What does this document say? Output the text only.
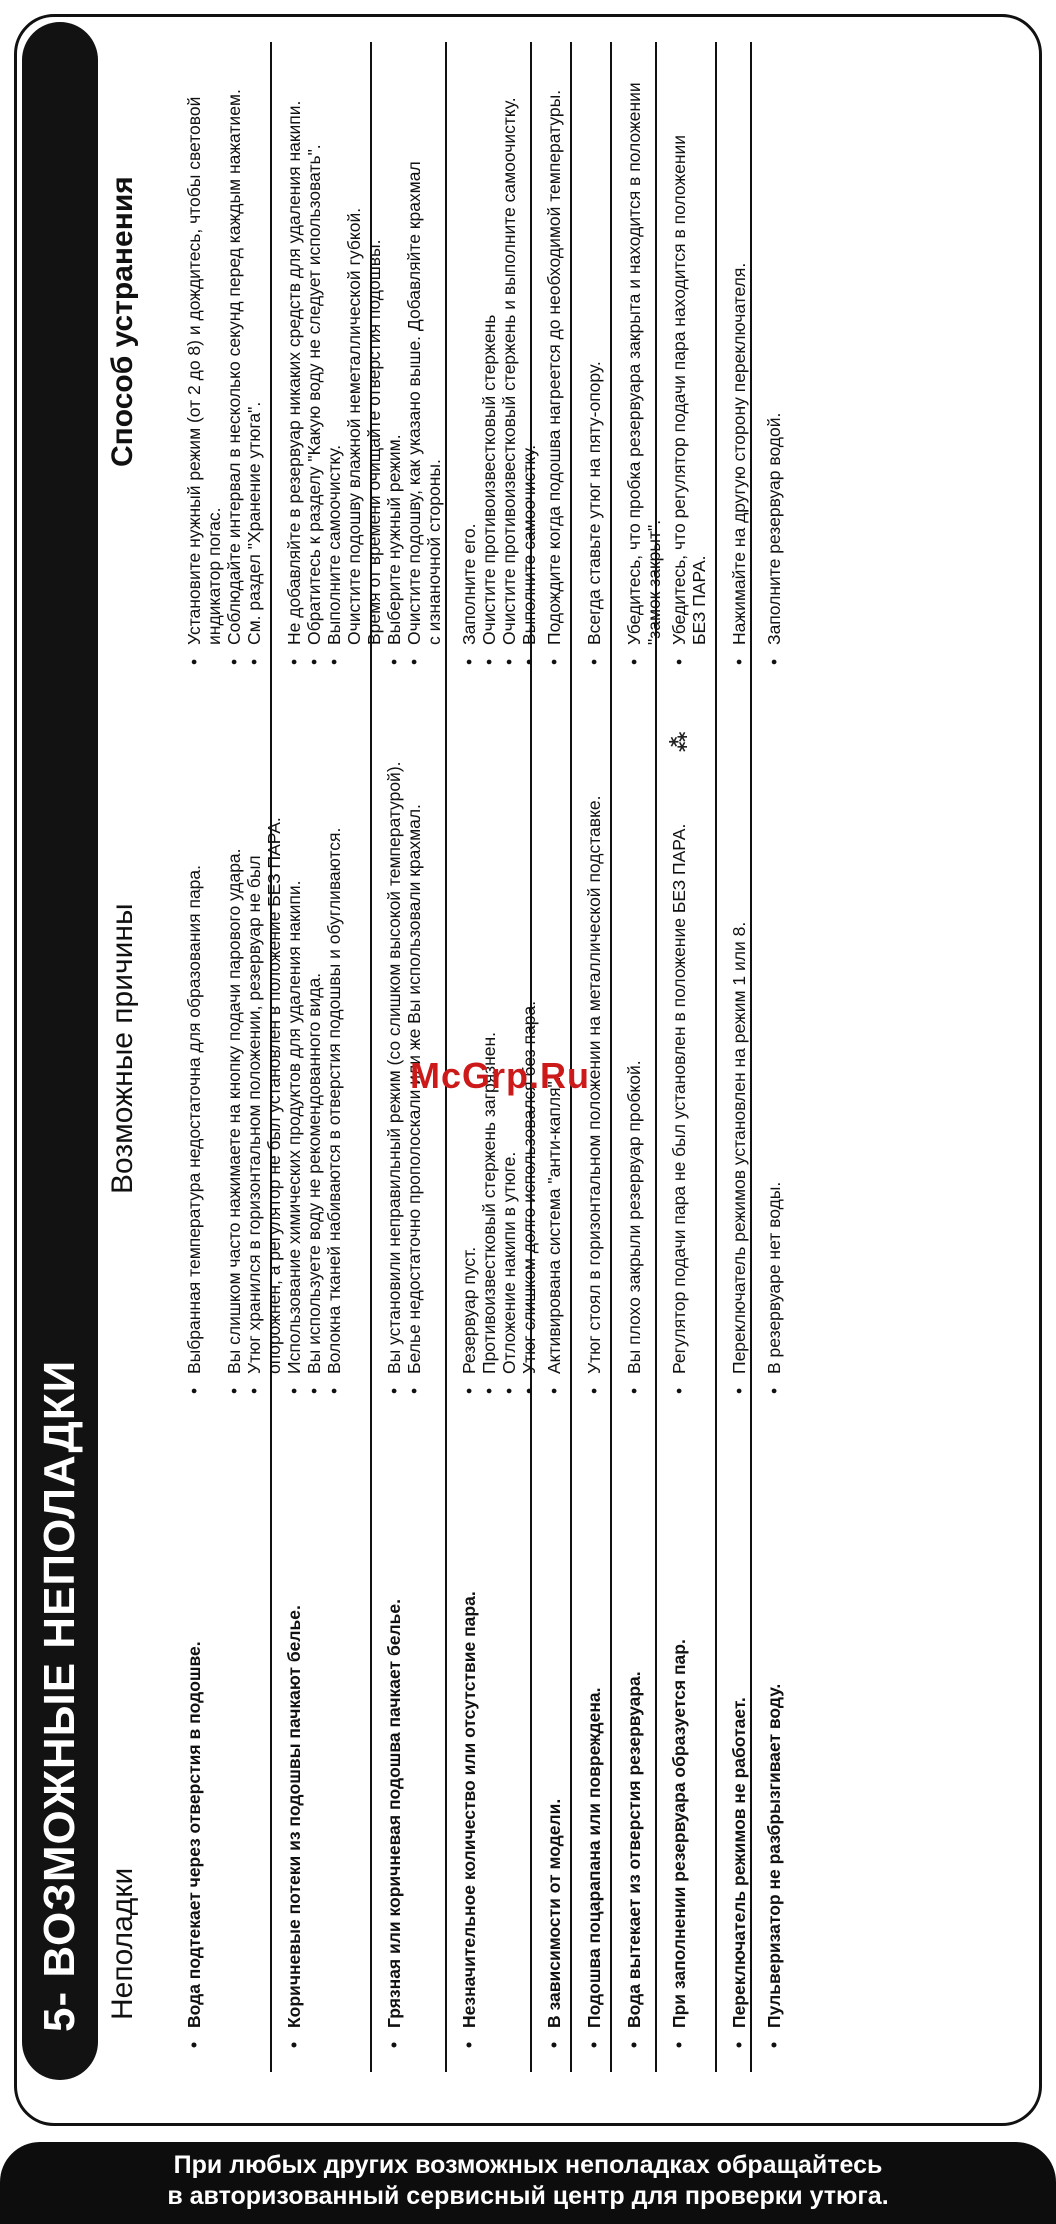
5- ВОЗМОЖНЫЕ НЕПОЛАДКИ Неполадки
Возможные причины
Способ устранения
• Вода подтекает через отверстия в подошве.
• Выбранная температура недостаточна для образования пара. • Вы слишком часто нажимаете на кнопку подачи парового удара. • Утюг хранился в горизонтальном положении, резервуар не был опорожнен, а регулятор не был установлен в положение БЕЗ ПАРА.
• Установите нужный режим (от 2 до 8) и дождитесь, чтобы световой индикатор погас. • Соблюдайте интервал в несколько секунд перед каждым нажатием. • См. раздел "Хранение утюга".
• Коричневые потеки из подошвы пачкают белье.
• Использование химических продуктов для удаления накипи. • Вы используете воду не рекомендованного вида. • Волокна тканей набиваются в отверстия подошвы и обугливаются.
• Не добавляйте в резервуар никаких средств для удаления накипи. • Обратитесь к разделу "Какую воду не следует использовать". • Выполните самоочистку. Очистите подошву влажной неметаллической губкой. Время от времени очищайте отверстия подошвы.
• Грязная или коричневая подошва пачкает белье.
• Вы установили неправильный режим (со слишком высокой температурой). • Белье недостаточно прополоскали или же Вы использовали крахмал.
• Выберите нужный режим. • Очистите подошву, как указано выше. Добавляйте крахмал с изнаночной стороны.
• Незначительное количество или отсутствие пара.
• Резервуар пуст. • Противоизвестковый стержень загрязнен. • Отложение накипи в утюге. • Утюг слишком долго использовался без пара.
• Заполните его. • Очистите противоизвестковый стержень • Очистите противоизвестковый стержень и выполните самоочистку. • Выполните самоочистку.
• В зависимости от модели.
• Активирована система "анти-капля".
• Подождите когда подошва нагреется до необходимой температуры.
• Подошва поцарапана или повреждена.
• Утюг стоял в горизонтальном положении на металлической подставке.
• Всегда ставьте утюг на пяту-опору.
• Вода вытекает из отверстия резервуара.
• Вы плохо закрыли резервуар пробкой.
• Убедитесь, что пробка резервуара закрыта и находится в положении "замок закрыт".
• При заполнении резервуара образуется пар.
• Регулятор подачи пара не был установлен в положение БЕЗ ПАРА.
• Убедитесь, что регулятор подачи пара находится в положении БЕЗ ПАРА.
⁂
• Переключатель режимов не работает.
• Переключатель режимов установлен на режим 1 или 8.
• Нажимайте на другую сторону переключателя.
• Пульверизатор не разбрызгивает воду.
• В резервуаре нет воды.
• Заполните резервуар водой.
McGrp.Ru
При любых других возможных неполадках обращайтесь
в авторизованный сервисный центр для проверки утюга.
